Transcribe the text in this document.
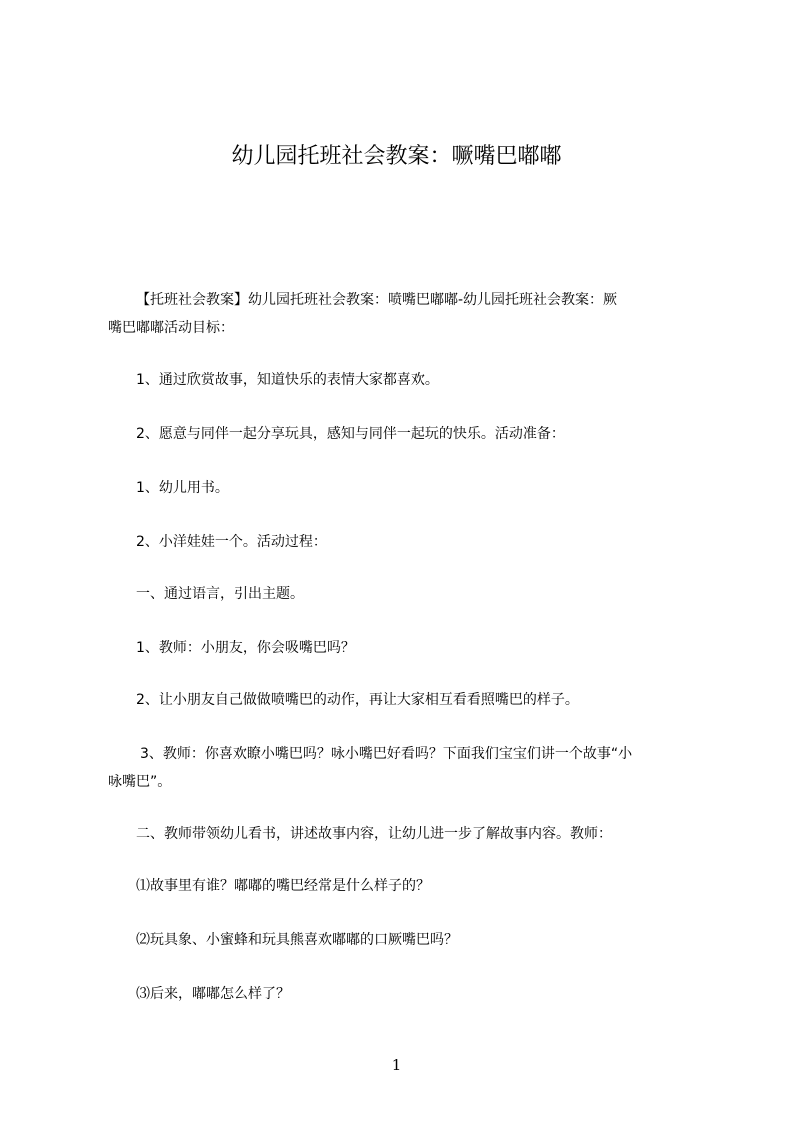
幼儿园托班社会教案：噘嘴巴嘟嘟
【托班社会教案】幼儿园托班社会教案：喷嘴巴嘟嘟-幼儿园托班社会教案：厥
嘴巴嘟嘟活动目标：
1、通过欣赏故事，知道快乐的表情大家都喜欢。
2、愿意与同伴一起分享玩具，感知与同伴一起玩的快乐。活动准备：
1、幼儿用书。
2、小洋娃娃一个。活动过程：
一、通过语言，引出主题。
1、教师：小朋友，你会吸嘴巴吗？
2、让小朋友自己做做喷嘴巴的动作，再让大家相互看看照嘴巴的样子。
3、教师：你喜欢瞭小嘴巴吗？咏小嘴巴好看吗？下面我们宝宝们讲一个故事“小
咏嘴巴”。
二、教师带领幼儿看书，讲述故事内容，让幼儿进一步了解故事内容。教师：
⑴故事里有谁？嘟嘟的嘴巴经常是什么样子的？
⑵玩具象、小蜜蜂和玩具熊喜欢嘟嘟的口厥嘴巴吗？
⑶后来，嘟嘟怎么样了？
1
